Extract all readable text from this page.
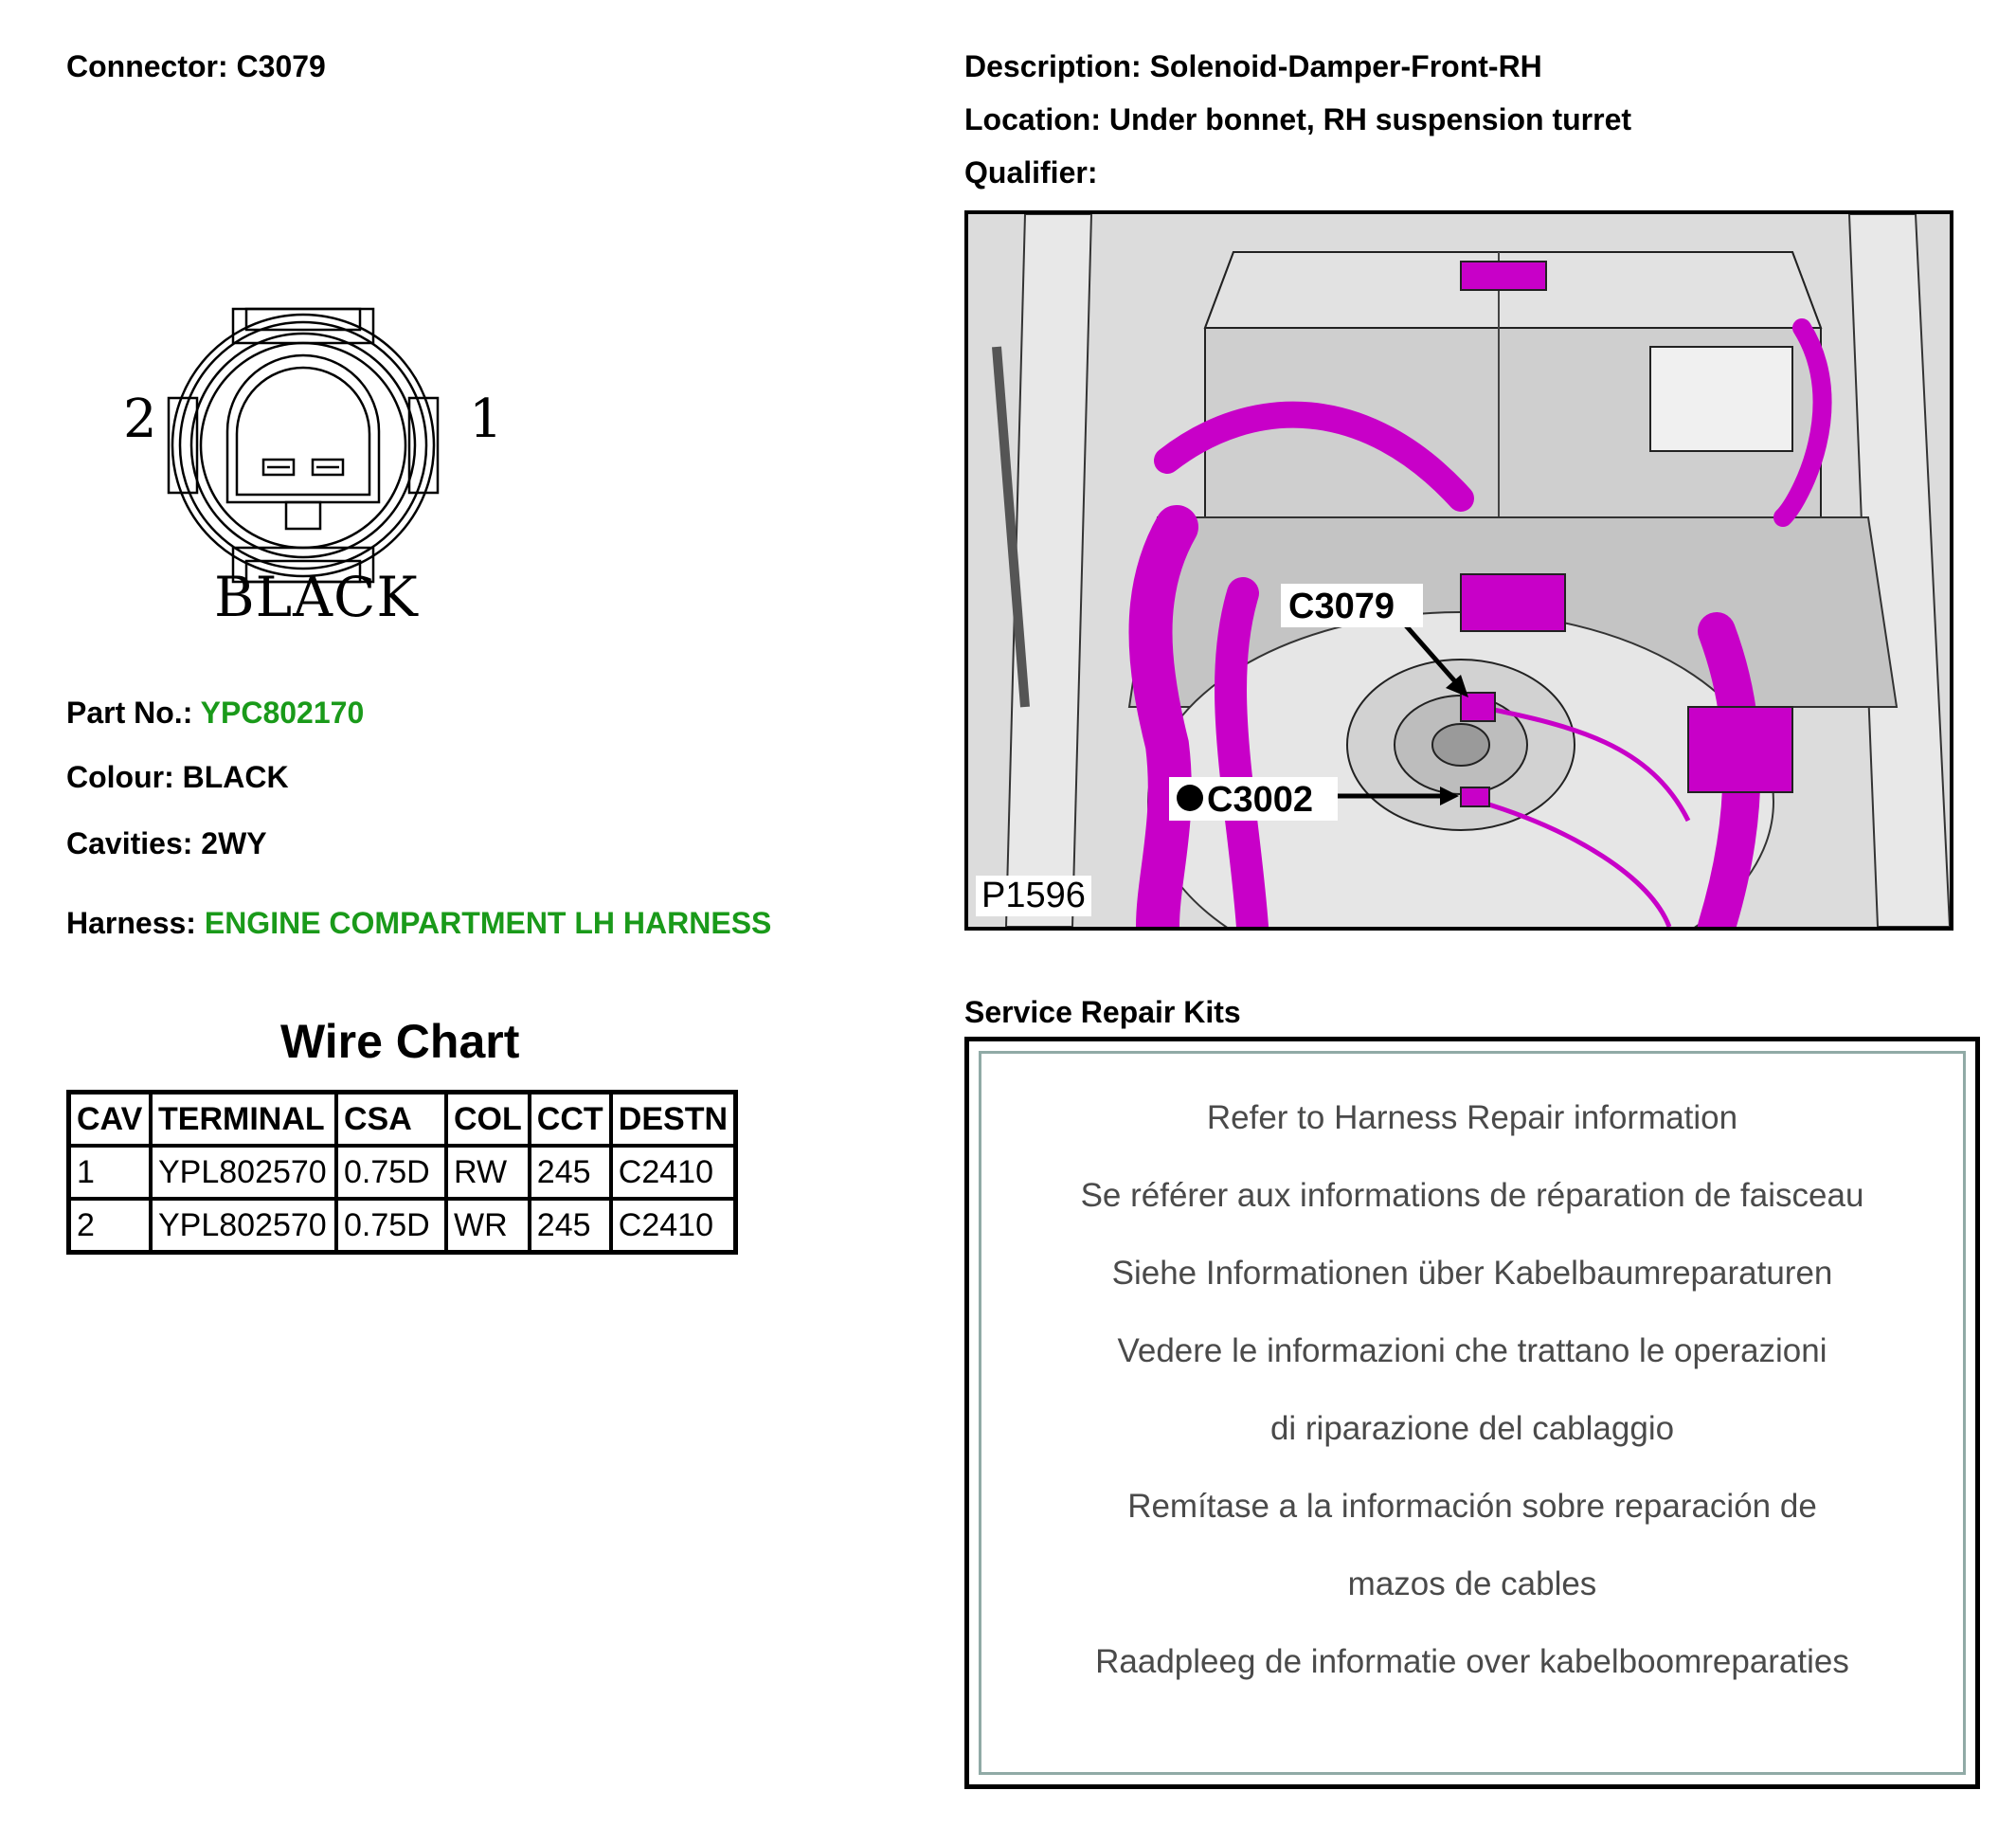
Connector: C3079	Description: Solenoid-Damper-Front-RH
Location: Under bonnet, RH suspension turret
Qualifier:
2	1
BLACK
Part No.: YPC802170
Colour: BLACK
Cavities: 2WY
Harness: ENGINE COMPARTMENT LH HARNESS
Wire Chart
CAV	TERMINAL	CSA	COL	CCT	DESTN
1	YPL802570	0.75D	RW	245	C2410
2	YPL802570	0.75D	WR	245	C2410
C3079
C3002
P1596
Service Repair Kits
Refer to Harness Repair information
Se référer aux informations de réparation de faisceau
Siehe Informationen über Kabelbaumreparaturen
Vedere le informazioni che trattano le operazioni
di riparazione del cablaggio
Remítase a la información sobre reparación de
mazos de cables
Raadpleeg de informatie over kabelboomreparaties
